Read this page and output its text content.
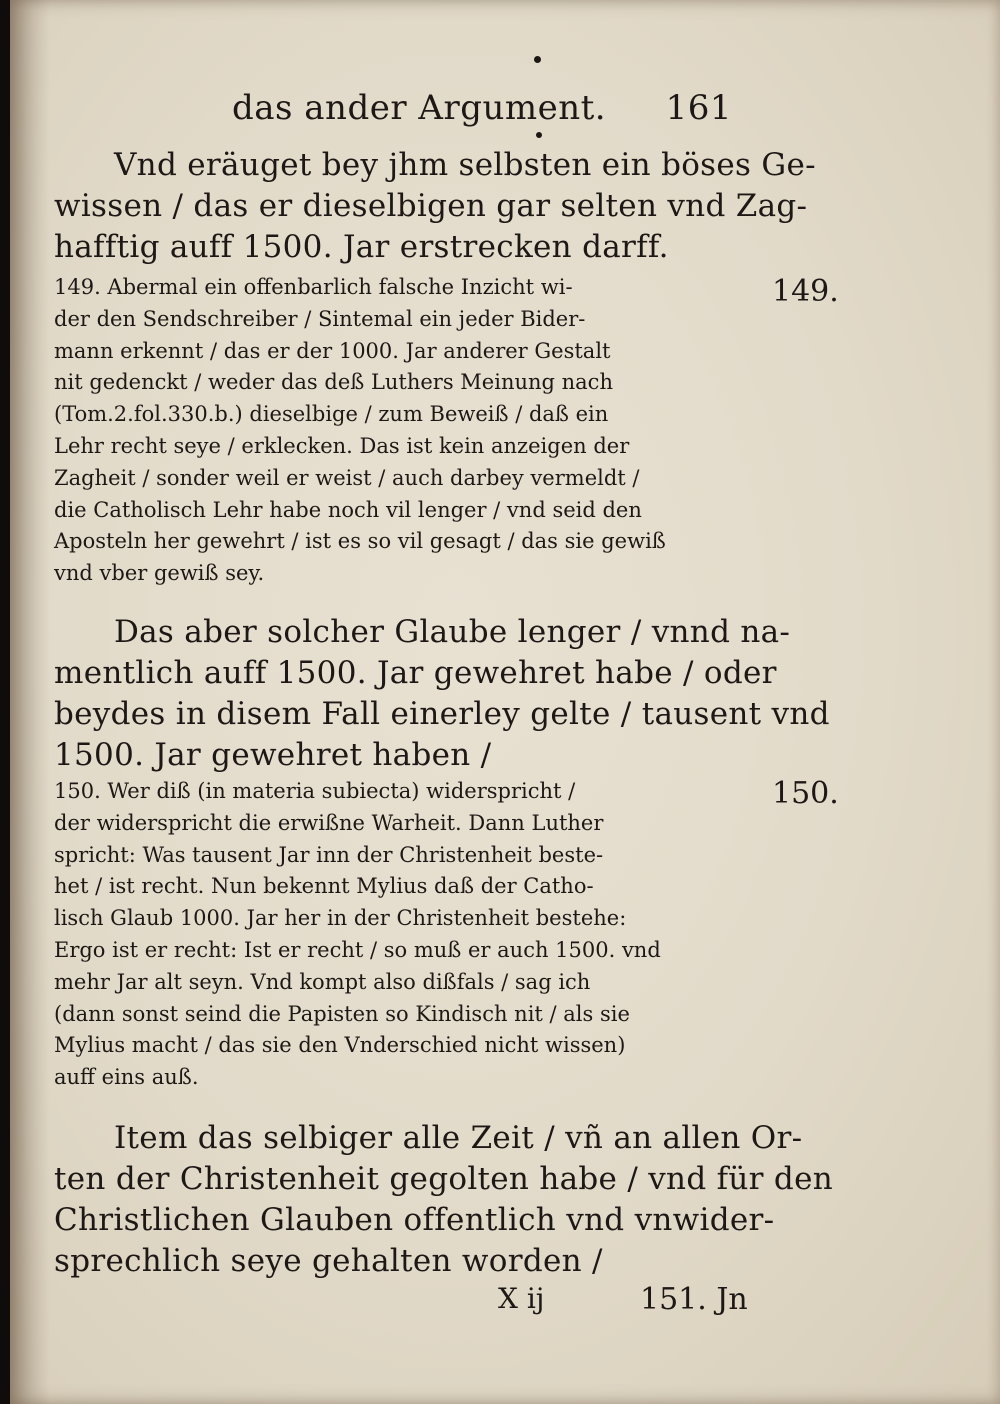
das ander Argument. 161
Vnd eräuget bey jhm selbsten ein böses Ge-
wissen / das er dieselbigen gar selten vnd Zag-
hafftig auff 1500. Jar erstrecken darff.
149. Abermal ein offenbarlich falsche Inzicht wi-
der den Sendschreiber / Sintemal ein jeder Bider-
mann erkennt / das er der 1000. Jar anderer Gestalt
nit gedenckt / weder das deß Luthers Meinung nach
(Tom.2.fol.330.b.) dieselbige / zum Beweiß / daß ein
Lehr recht seye / erklecken. Das ist kein anzeigen der
Zagheit / sonder weil er weist / auch darbey vermeldt /
die Catholisch Lehr habe noch vil lenger / vnd seid den
Aposteln her gewehrt / ist es so vil gesagt / das sie gewiß
vnd vber gewiß sey.
149.
Das aber solcher Glaube lenger / vnnd na-
mentlich auff 1500. Jar gewehret habe / oder
beydes in disem Fall einerley gelte / tausent vnd
1500. Jar gewehret haben /
150. Wer diß (in materia subiecta) widerspricht /
der widerspricht die erwißne Warheit. Dann Luther
spricht: Was tausent Jar inn der Christenheit beste-
het / ist recht. Nun bekennt Mylius daß der Catho-
lisch Glaub 1000. Jar her in der Christenheit bestehe:
Ergo ist er recht: Ist er recht / so muß er auch 1500. vnd
mehr Jar alt seyn. Vnd kompt also dißfals / sag ich
(dann sonst seind die Papisten so Kindisch nit / als sie
Mylius macht / das sie den Vnderschied nicht wissen)
auff eins auß.
150.
Item das selbiger alle Zeit / vñ an allen Or-
ten der Christenheit gegolten habe / vnd für den
Christlichen Glauben offentlich vnd vnwider-
sprechlich seye gehalten worden /
X ij	151. Jn
